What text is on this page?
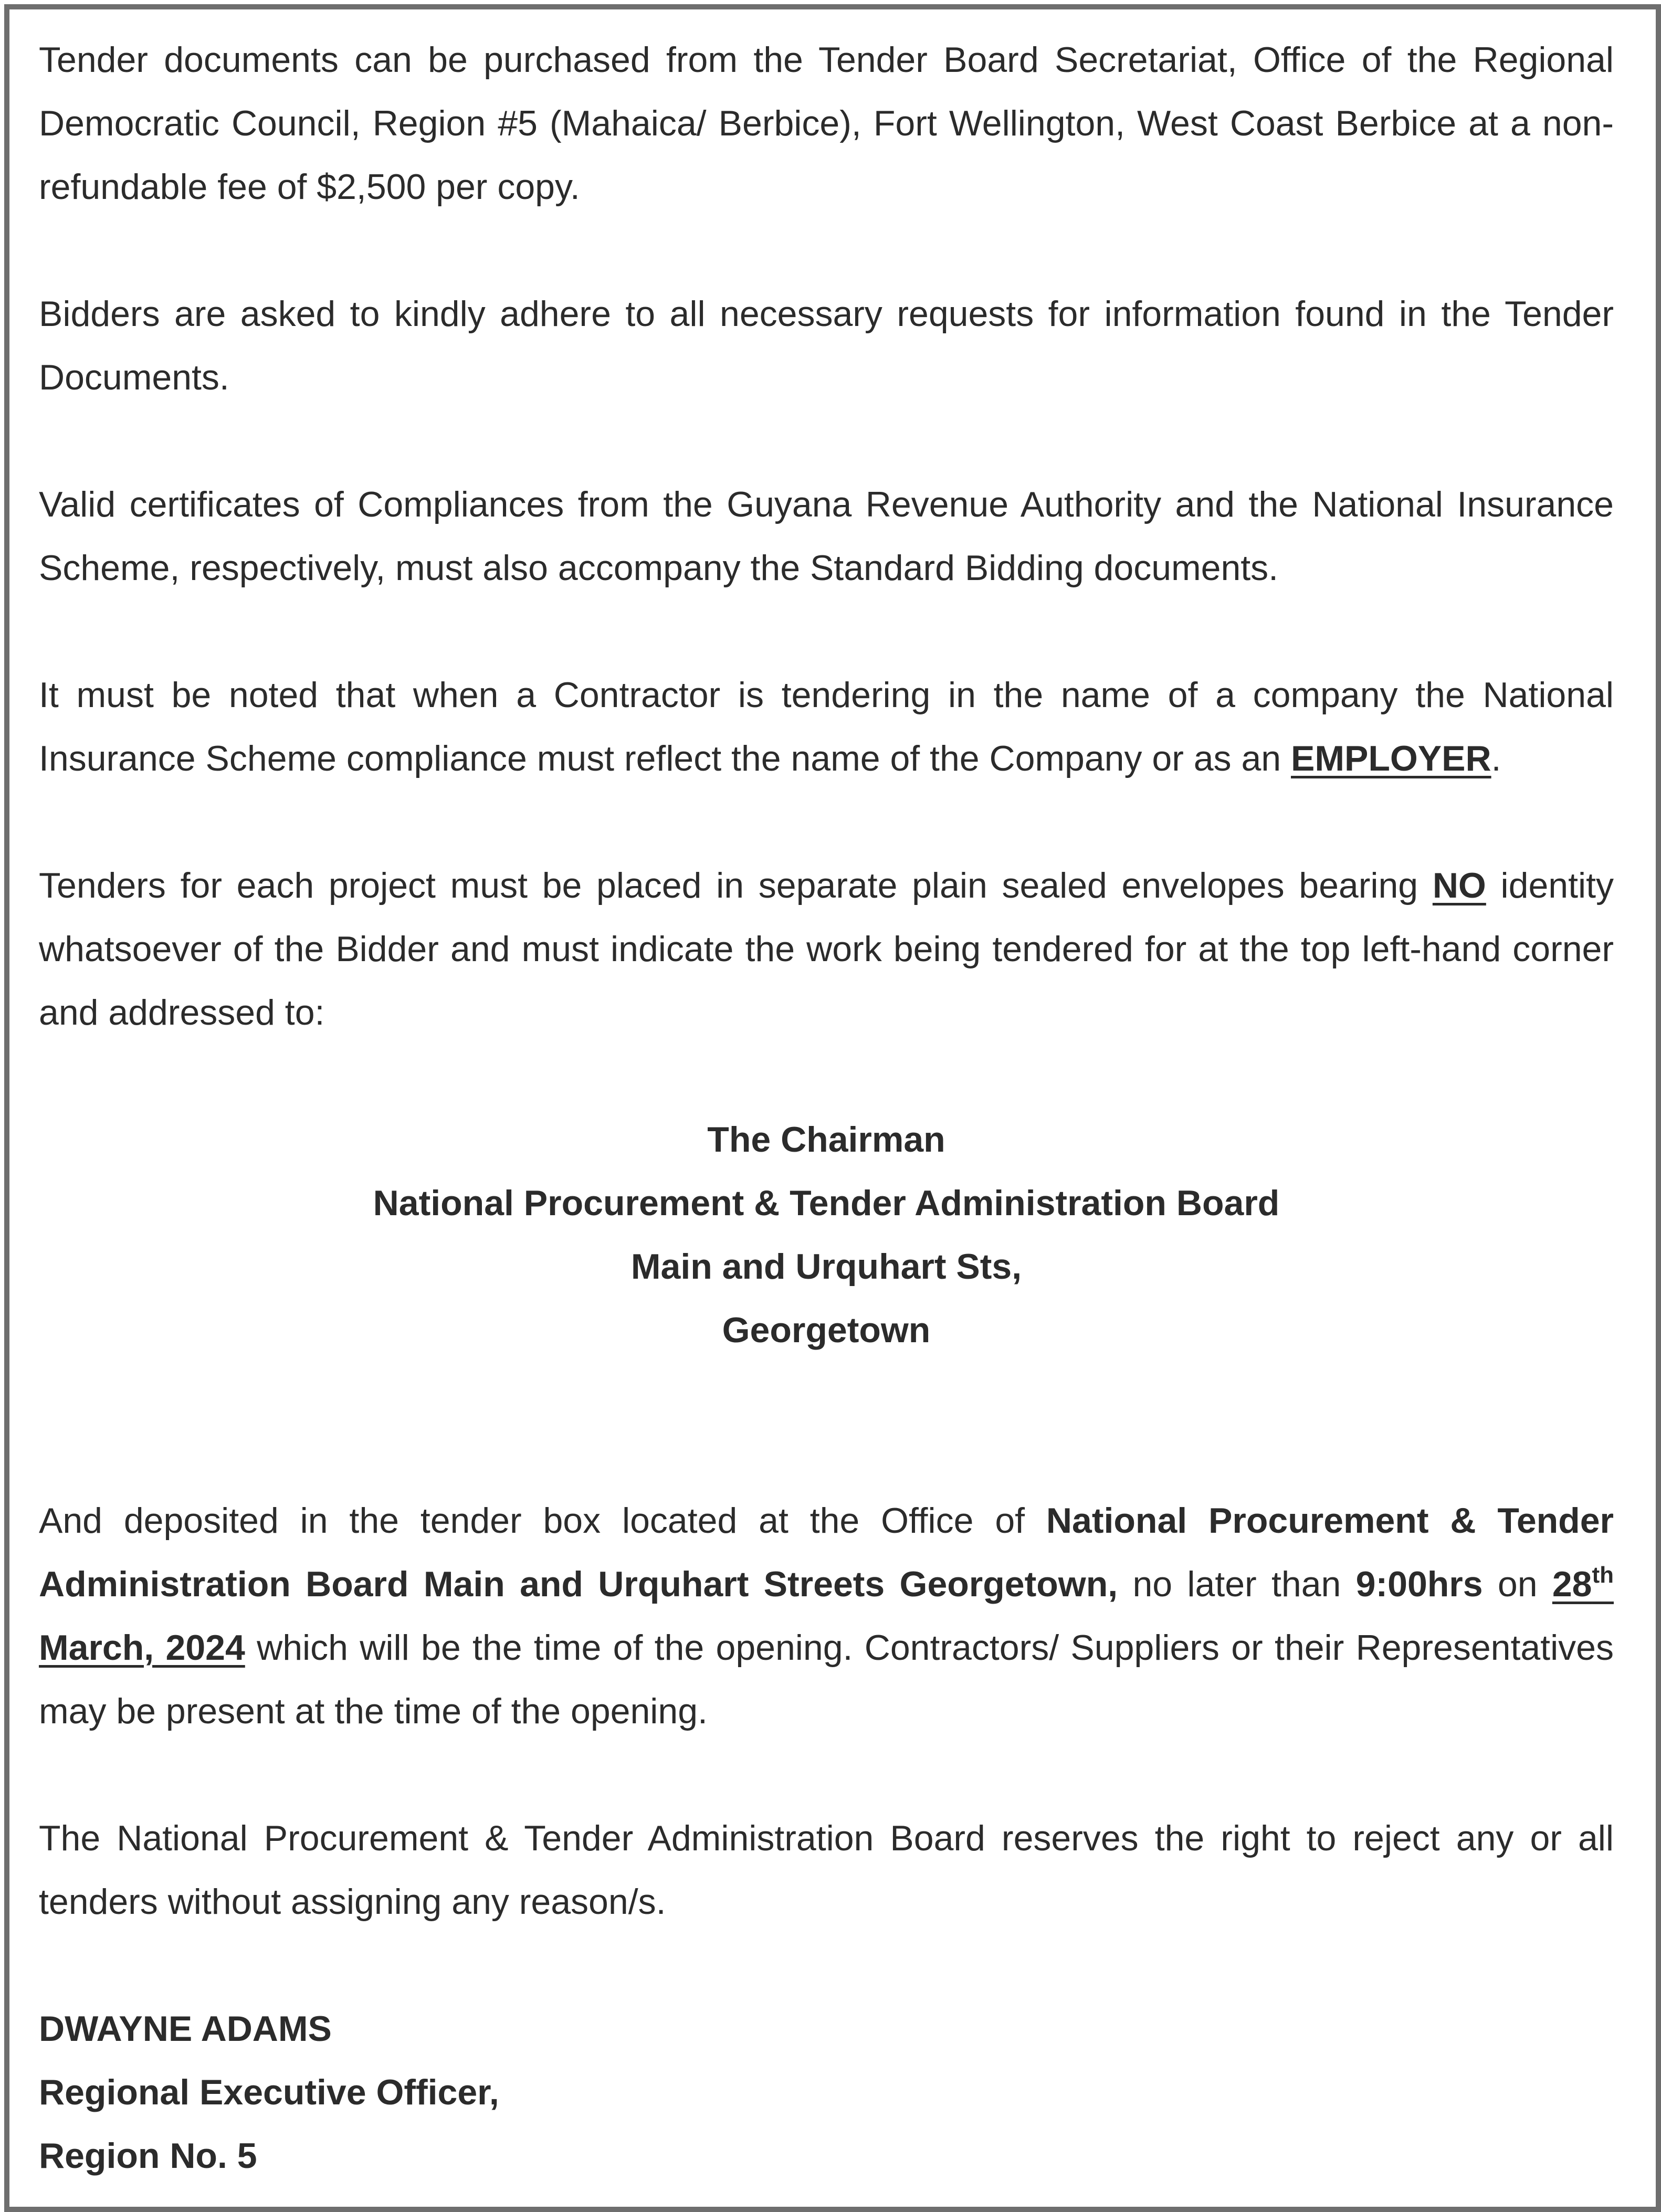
Tender documents can be purchased from the Tender Board Secretariat, Office of the Regional Democratic Council, Region #5 (Mahaica/ Berbice), Fort Wellington, West Coast Berbice at a non- refundable fee of $2,500 per copy.

Bidders are asked to kindly adhere to all necessary requests for information found in the Tender Documents.

Valid certificates of Compliances from the Guyana Revenue Authority and the National Insurance Scheme, respectively, must also accompany the Standard Bidding documents.

It must be noted that when a Contractor is tendering in the name of a company the National Insurance Scheme compliance must reflect the name of the Company or as an EMPLOYER.

Tenders for each project must be placed in separate plain sealed envelopes bearing NO identity whatsoever of the Bidder and must indicate the work being tendered for at the top left-hand corner and addressed to:

The Chairman
National Procurement & Tender Administration Board
Main and Urquhart Sts,
Georgetown

And deposited in the tender box located at the Office of National Procurement & Tender Administration Board Main and Urquhart Streets Georgetown, no later than 9:00hrs on 28th March, 2024 which will be the time of the opening. Contractors/ Suppliers or their Representatives may be present at the time of the opening.

The National Procurement & Tender Administration Board reserves the right to reject any or all tenders without assigning any reason/s.

DWAYNE ADAMS
Regional Executive Officer,
Region No. 5
